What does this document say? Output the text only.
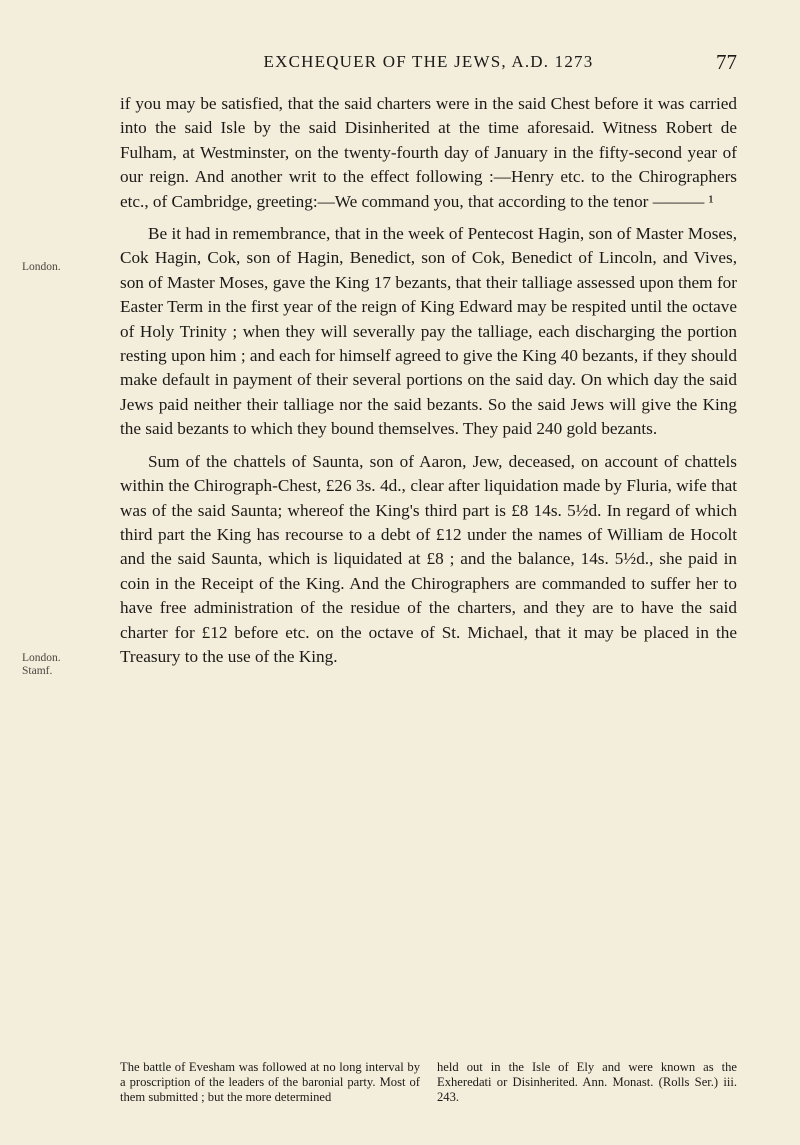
EXCHEQUER OF THE JEWS, A.D. 1273	77
London.
London.
Stamf.

if you may be satisfied, that the said charters were in the said Chest before it was carried into the said Isle by the said Disinherited at the time aforesaid. Witness Robert de Fulham, at Westminster, on the twenty-fourth day of January in the fifty-second year of our reign. And another writ to the effect following :—Henry etc. to the Chirographers etc., of Cambridge, greeting:—We command you, that according to the tenor ——— ¹

Be it had in remembrance, that in the week of Pentecost Hagin, son of Master Moses, Cok Hagin, Cok, son of Hagin, Benedict, son of Cok, Benedict of Lincoln, and Vives, son of Master Moses, gave the King 17 bezants, that their talliage assessed upon them for Easter Term in the first year of the reign of King Edward may be respited until the octave of Holy Trinity ; when they will severally pay the talliage, each discharging the portion resting upon him ; and each for himself agreed to give the King 40 bezants, if they should make default in payment of their several portions on the said day. On which day the said Jews paid neither their talliage nor the said bezants. So the said Jews will give the King the said bezants to which they bound themselves. They paid 240 gold bezants.

Sum of the chattels of Saunta, son of Aaron, Jew, deceased, on account of chattels within the Chirograph-Chest, £26 3s. 4d., clear after liquidation made by Fluria, wife that was of the said Saunta; whereof the King's third part is £8 14s. 5½d. In regard of which third part the King has recourse to a debt of £12 under the names of William de Hocolt and the said Saunta, which is liquidated at £8 ; and the balance, 14s. 5½d., she paid in coin in the Receipt of the King. And the Chirographers are commanded to suffer her to have free administration of the residue of the charters, and they are to have the said charter for £12 before etc. on the octave of St. Michael, that it may be placed in the Treasury to the use of the King.

The battle of Evesham was followed at no long interval by a proscription of the leaders of the baronial party. Most of them submitted ; but the more determined
held out in the Isle of Ely and were known as the Exheredati or Disinherited. Ann. Monast. (Rolls Ser.) iii. 243.
